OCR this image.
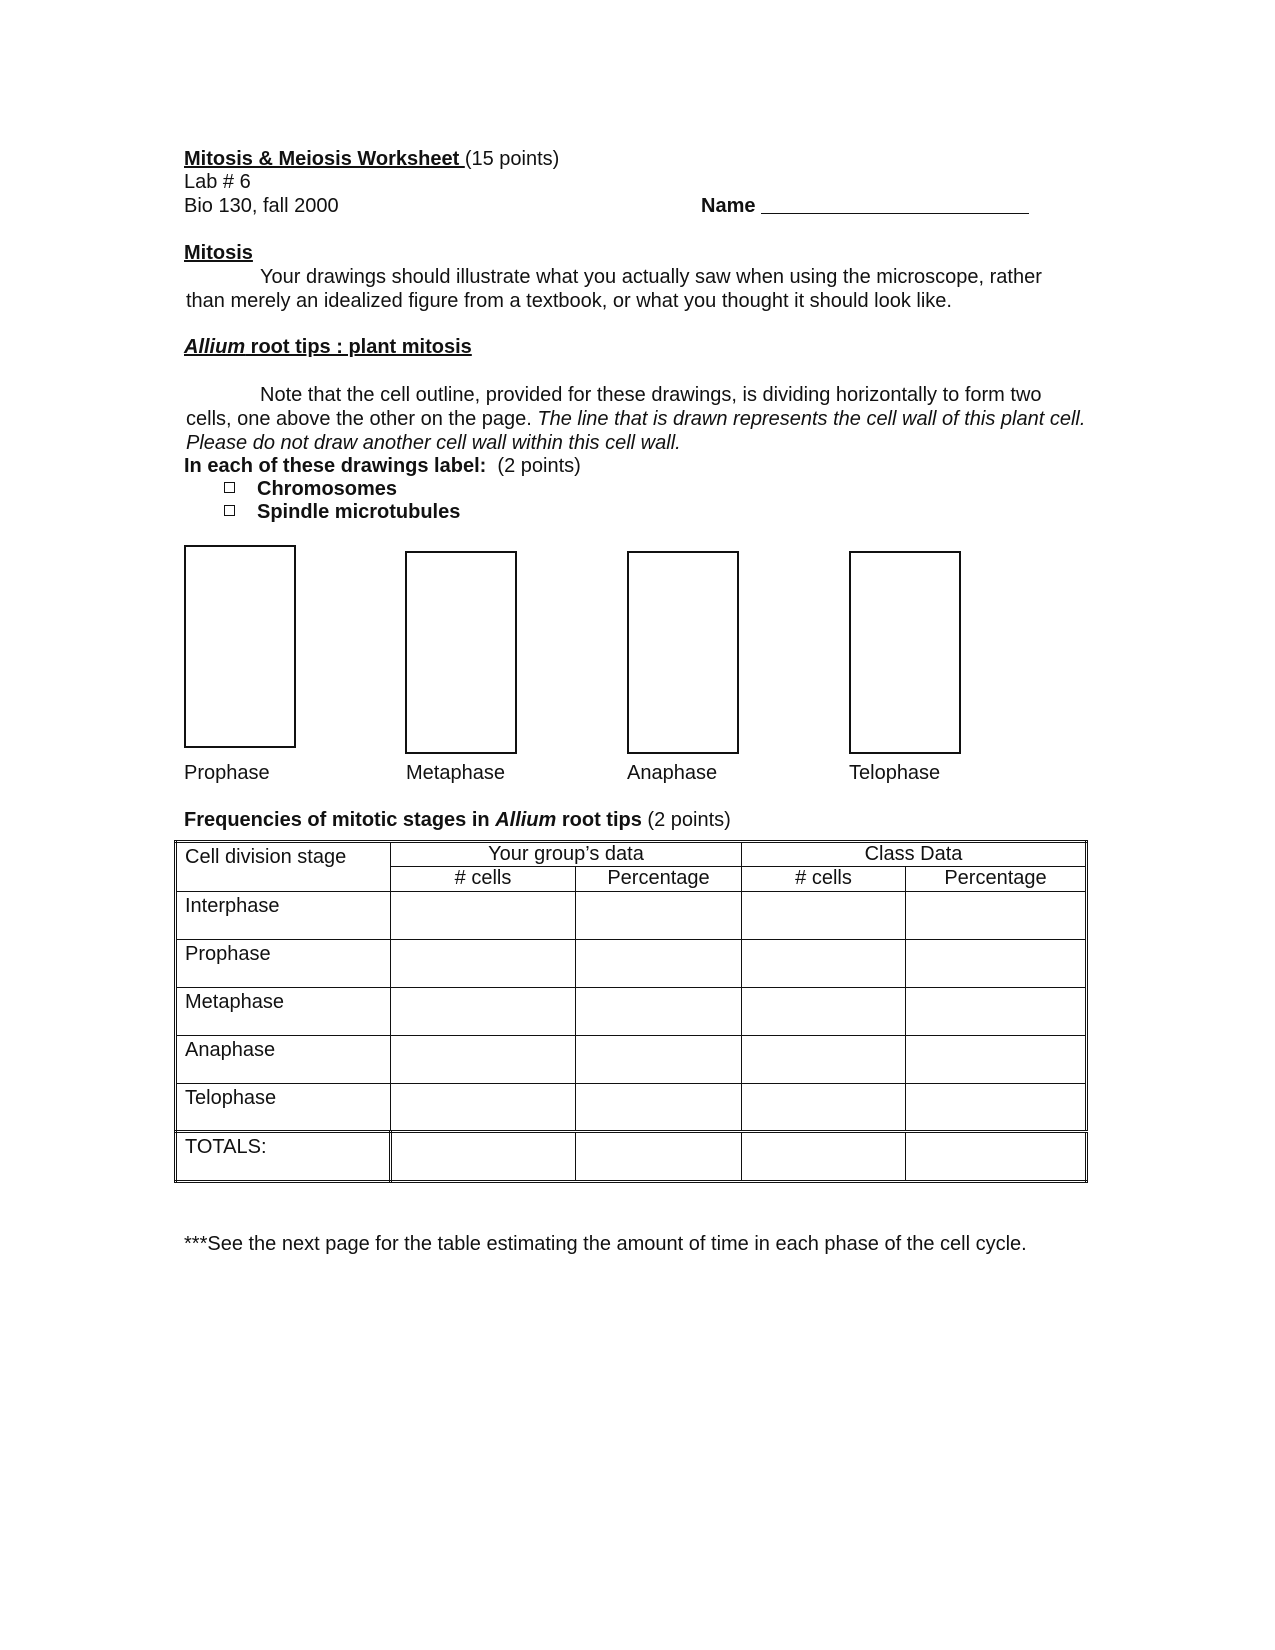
Mitosis & Meiosis Worksheet (15 points)
Lab # 6
Bio 130, fall 2000	Name
Mitosis
Your drawings should illustrate what you actually saw when using the microscope, rather than merely an idealized figure from a textbook, or what you thought it should look like.
Allium root tips : plant mitosis
Note that the cell outline, provided for these drawings, is dividing horizontally to form two cells, one above the other on the page. The line that is drawn represents the cell wall of this plant cell. Please do not draw another cell wall within this cell wall.
In each of these drawings label: (2 points)
Chromosomes
Spindle microtubules
Prophase	Metaphase	Anaphase	Telophase
Frequencies of mitotic stages in Allium root tips (2 points)
Cell division stage	Your group’s data		Class Data	
	# cells	Percentage	# cells	Percentage
Interphase				
Prophase				
Metaphase				
Anaphase				
Telophase				
TOTALS:				
***See the next page for the table estimating the amount of time in each phase of the cell cycle.
